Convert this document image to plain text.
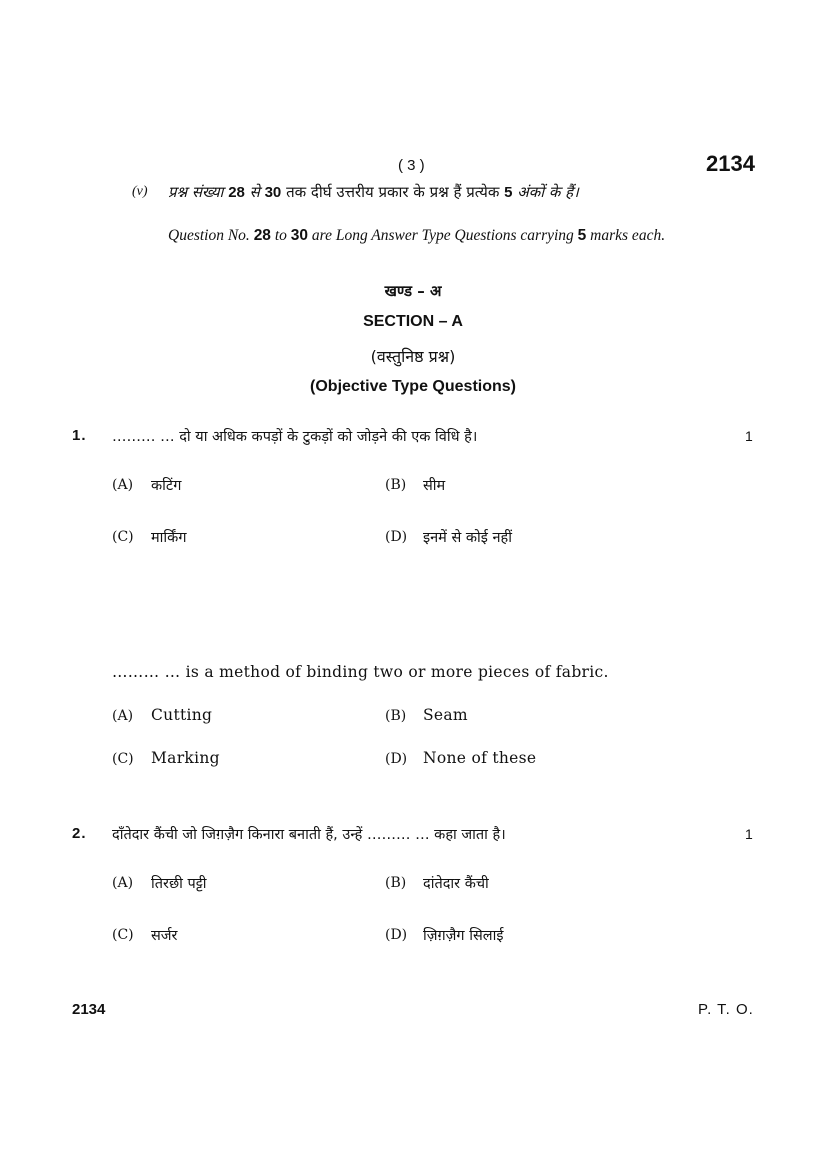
( 3 )	2134
(v) प्रश्न संख्या 28 से 30 तक दीर्घ उत्तरीय प्रकार के प्रश्न हैं प्रत्येक 5 अंकों के हैं।
Question No. 28 to 30 are Long Answer Type Questions carrying 5 marks each.
खण्ड – अ
SECTION – A
(वस्तुनिष्ठ प्रश्न)
(Objective Type Questions)
1. ……… … दो या अधिक कपड़ों के टुकड़ों को जोड़ने की एक विधि है।	1
(A) कटिंग	(B) सीम
(C) मार्किंग	(D) इनमें से कोई नहीं
……… … is a method of binding two or more pieces of fabric.
(A) Cutting	(B) Seam
(C) Marking	(D) None of these
2. दाँतेदार कैंची जो जिग़ज़ैग किनारा बनाती हैं, उन्हें ……… … कहा जाता है।	1
(A) तिरछी पट्टी	(B) दांतेदार कैंची
(C) सर्जर	(D) ज़िग़ज़ैग सिलाई
2134	P. T. O.
